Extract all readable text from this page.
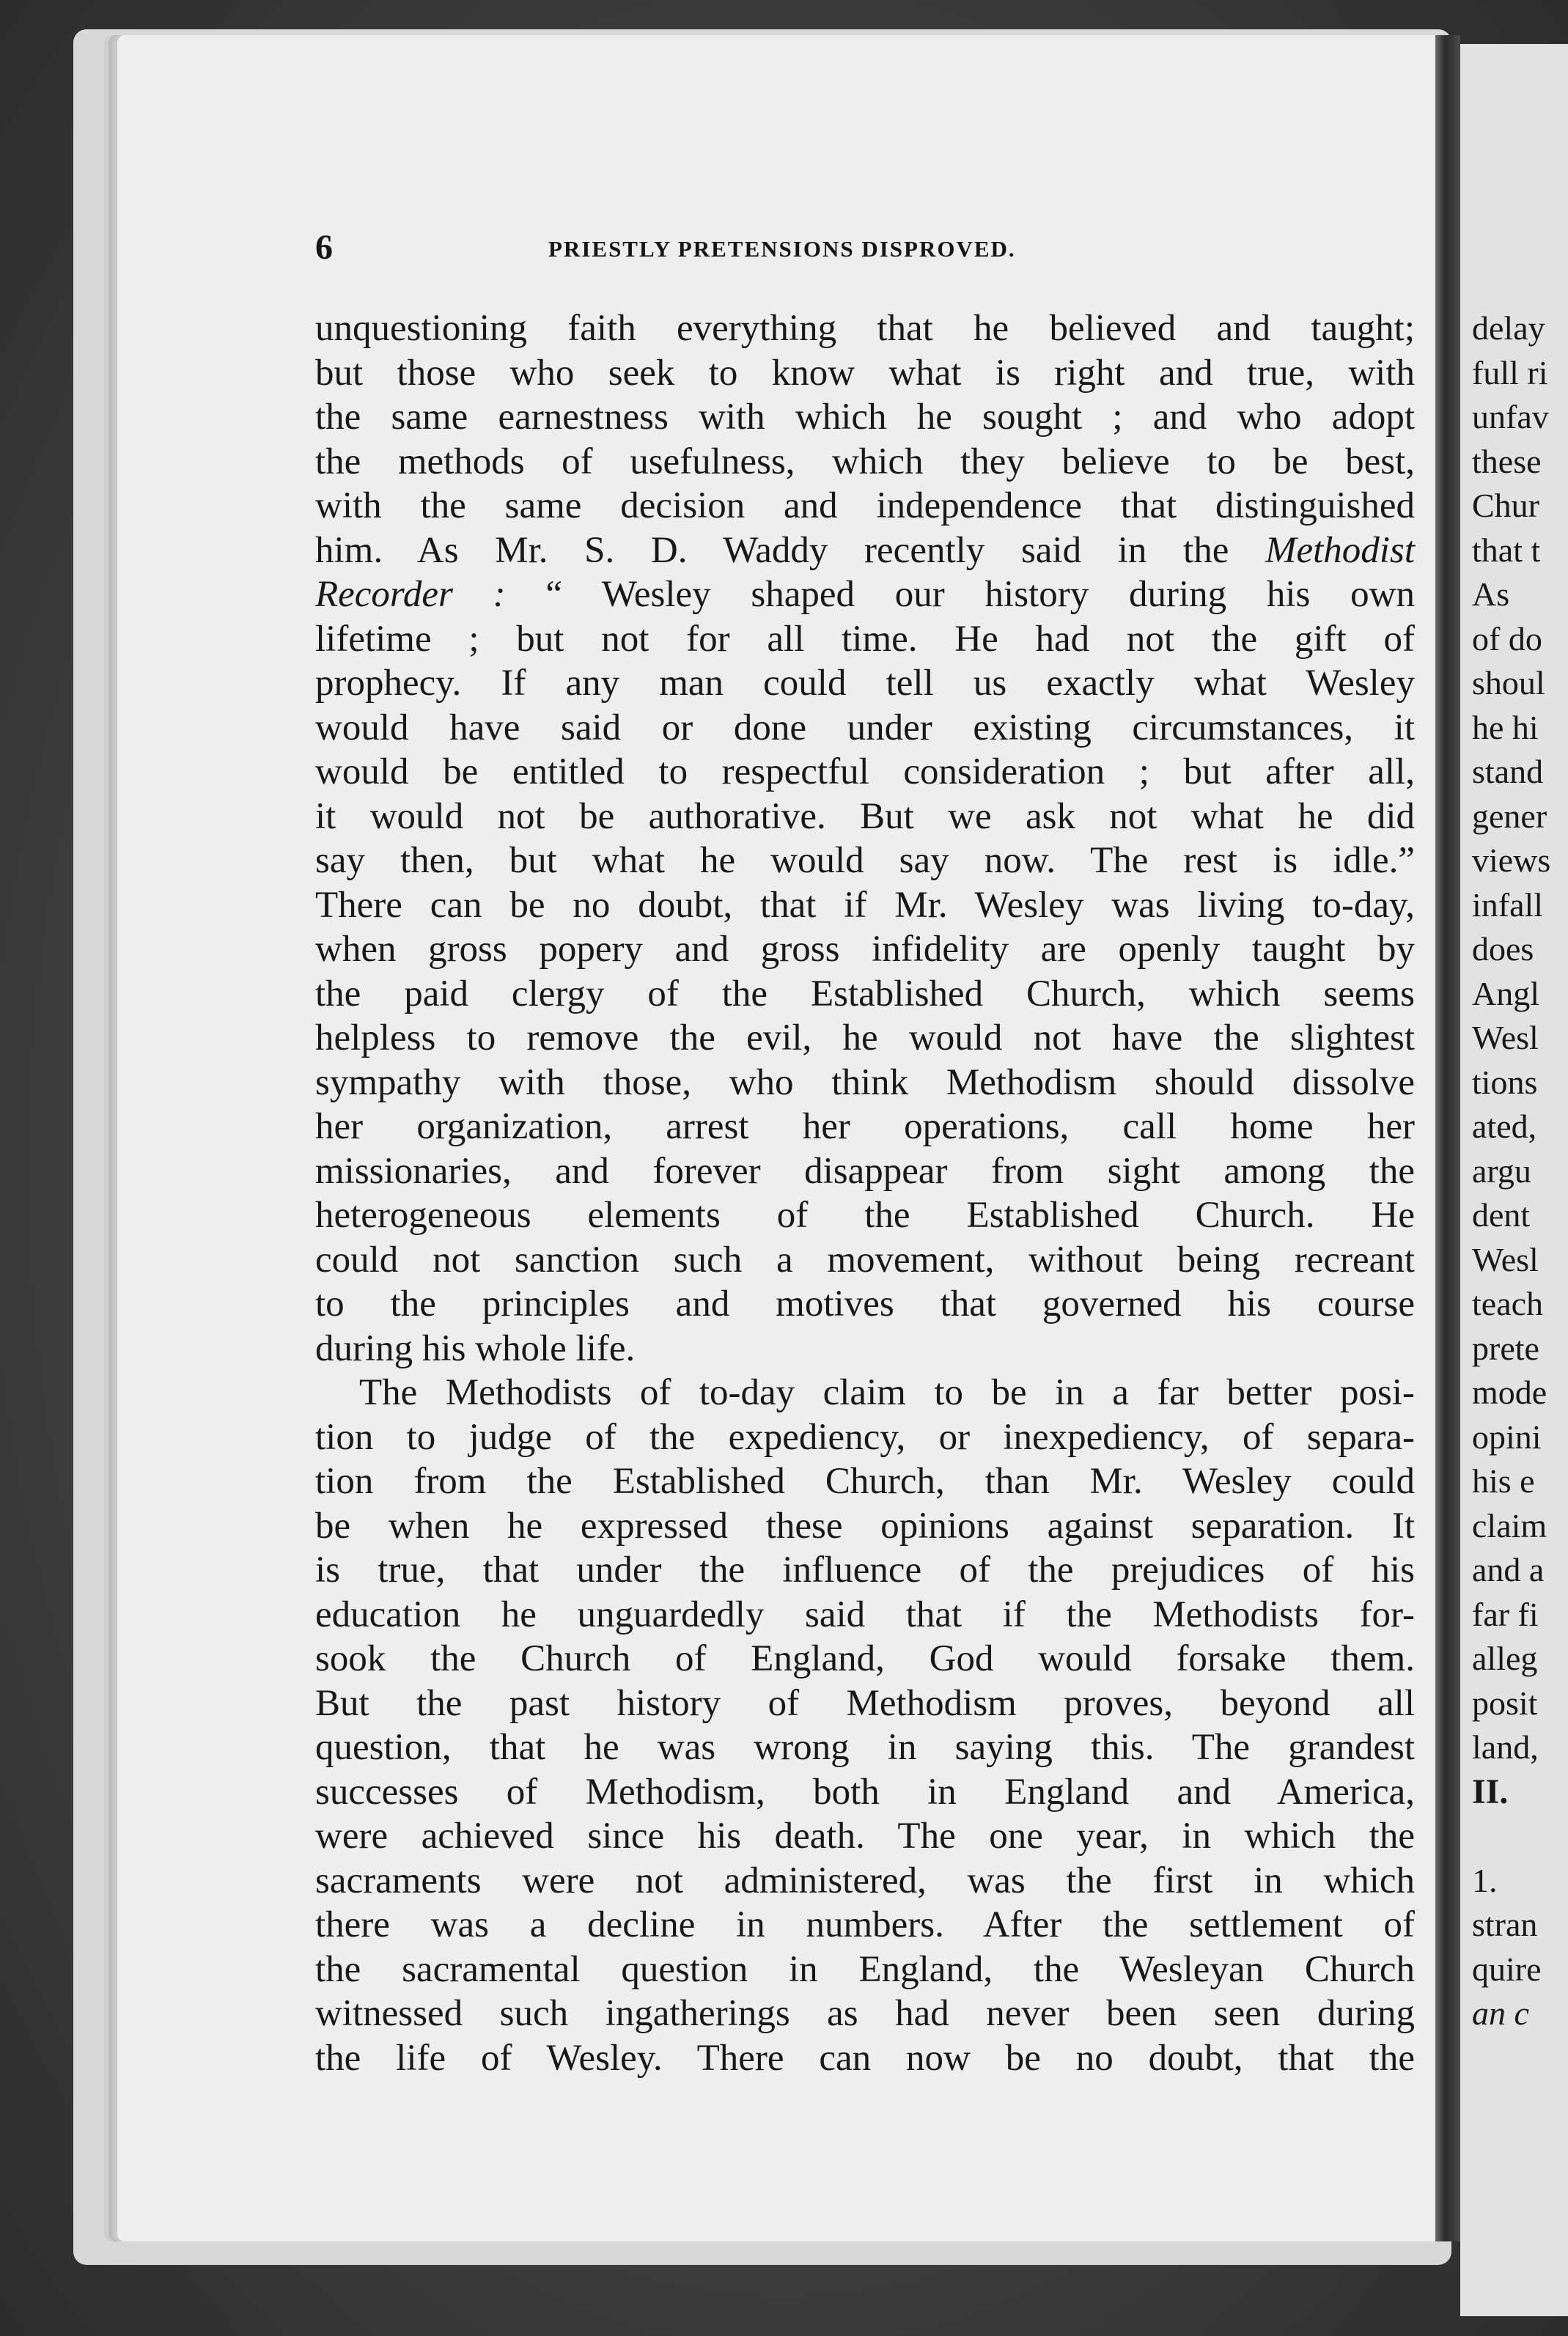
6	PRIESTLY PRETENSIONS DISPROVED.
unquestioning faith everything that he believed and taught;
but those who seek to know what is right and true, with
the same earnestness with which he sought ; and who adopt
the methods of usefulness, which they believe to be best,
with the same decision and independence that distinguished
him. As Mr. S. D. Waddy recently said in the Methodist
Recorder : “ Wesley shaped our history during his own
lifetime ; but not for all time. He had not the gift of
prophecy. If any man could tell us exactly what Wesley
would have said or done under existing circumstances, it
would be entitled to respectful consideration ; but after all,
it would not be authorative. But we ask not what he did
say then, but what he would say now. The rest is idle.”
There can be no doubt, that if Mr. Wesley was living to-day,
when gross popery and gross infidelity are openly taught by
the paid clergy of the Established Church, which seems
helpless to remove the evil, he would not have the slightest
sympathy with those, who think Methodism should dissolve
her organization, arrest her operations, call home her
missionaries, and forever disappear from sight among the
heterogeneous elements of the Established Church. He
could not sanction such a movement, without being recreant
to the principles and motives that governed his course
during his whole life.
The Methodists of to-day claim to be in a far better posi-
tion to judge of the expediency, or inexpediency, of separa-
tion from the Established Church, than Mr. Wesley could
be when he expressed these opinions against separation. It
is true, that under the influence of the prejudices of his
education he unguardedly said that if the Methodists for-
sook the Church of England, God would forsake them.
But the past history of Methodism proves, beyond all
question, that he was wrong in saying this. The grandest
successes of Methodism, both in England and America,
were achieved since his death. The one year, in which the
sacraments were not administered, was the first in which
there was a decline in numbers. After the settlement of
the sacramental question in England, the Wesleyan Church
witnessed such ingatherings as had never been seen during
the life of Wesley. There can now be no doubt, that the
delay
full ri
unfav
these
Chur
that t
As
of do
shoul
he hi
stand
gener
views
infall
does
Angl
Wesl
tions
ated,
argu
dent
Wesl
teach
prete
mode
opini
his e
claim
and a
far fi
alleg
posit
land,
II.

1.
stran
quire
an c
